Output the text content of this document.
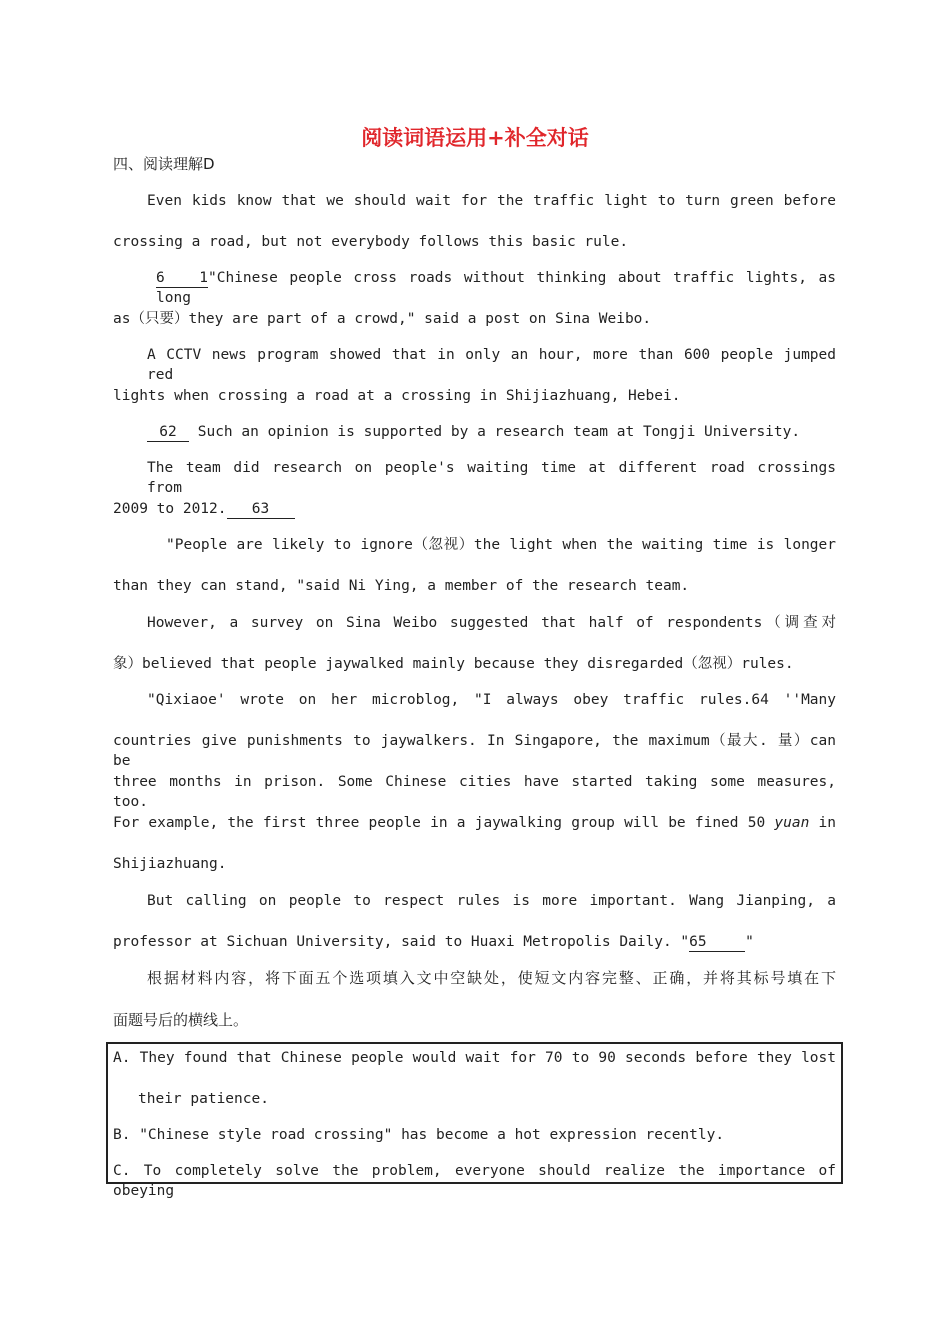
阅读词语运用+补全对话
四、阅读理解D
Even kids know that we should wait for the traffic light to turn green before
crossing a road, but not everybody follows this basic rule.
6 1"Chinese people cross roads without thinking about traffic lights, as long
as（只要）they are part of a crowd," said a post on Sina Weibo.
A CCTV news program showed that in only an hour, more than 600 people jumped red
lights when crossing a road at a crossing in Shijiazhuang, Hebei.
62 Such an opinion is supported by a research team at Tongji University.
The team did research on people's waiting time at different road crossings from
2009 to 2012. 63
"People are likely to ignore（忽视）the light when the waiting time is longer
than they can stand, "said Ni Ying, a member of the research team.
However, a survey on Sina Weibo suggested that half of respondents（调查对
象）believed that people jaywalked mainly because they disregarded（忽视）rules.
"Qixiaoe' wrote on her microblog, "I always obey traffic rules.64 ''Many
countries give punishments to jaywalkers. In Singapore, the maximum（最大. 量）can be
three months in prison. Some Chinese cities have started taking some measures, too.
For example, the first three people in a jaywalking group will be fined 50 yuan in
Shijiazhuang.
But calling on people to respect rules is more important. Wang Jianping, a
professor at Sichuan University, said to Huaxi Metropolis Daily. "65	"
根据材料内容，将下面五个选项填入文中空缺处，使短文内容完整、正确，并将其标号填在下
面题号后的横线上。
A. They found that Chinese people would wait for 70 to 90 seconds before they lost
their patience.
B. "Chinese style road crossing" has become a hot expression recently.
C. To completely solve the problem, everyone should realize the importance of obeying
